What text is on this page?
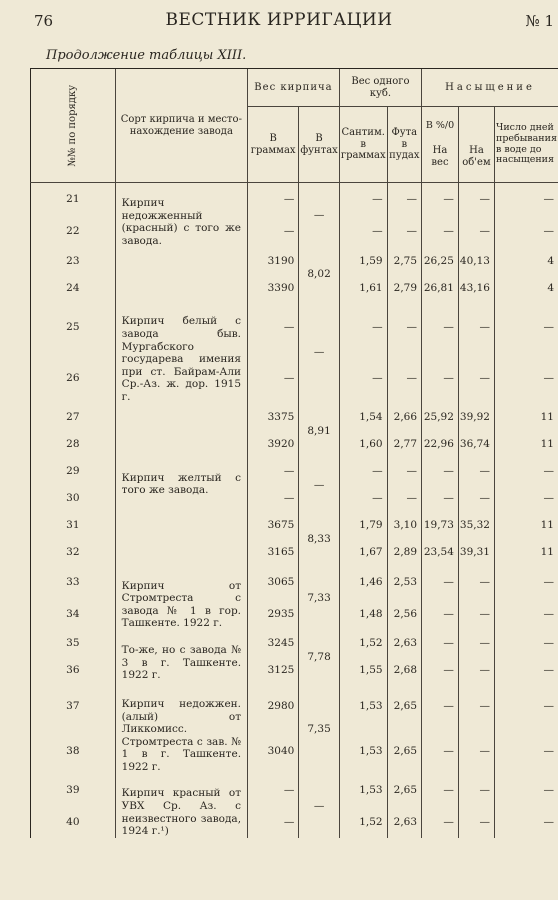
76	ВЕСТНИК ИРРИГАЦИИ	№ 1
Продолжение таблицы XIII.
№№ по порядку	Сорт кирпича и место-нахождение завода	Вес кирпича		Вес одного куб.		Насыщение		
		В граммах	В фунтах	Сантим. в граммах	Фута в пудах	В %/0
На вес	На об'ем	Число дней пребывания в воде до насыщения
21	Кирпич недожженный (красный) с того же завода.	—	—	—	—	—	—	—
22		—		—	—	—	—	—
23		3190	8,02	1,59	2,75	26,25	40,13	4
24		3390		1,61	2,79	26,81	43,16	4
25	Кирпич белый с завода быв. Мургабского государева имения при ст. Байрам-Али Ср.-Аз. ж. дор. 1915 г.	—	—	—	—	—	—	—
26		—		—	—	—	—	—
27		3375	8,91	1,54	2,66	25,92	39,92	11
28		3920		1,60	2,77	22,96	36,74	11
29	Кирпич желтый с того же завода.	—	—	—	—	—	—	—
30		—		—	—	—	—	—
31		3675	8,33	1,79	3,10	19,73	35,32	11
32		3165		1,67	2,89	23,54	39,31	11
33	Кирпич от Стромтреста с завода № 1 в гор. Ташкенте. 1922 г.	3065	7,33	1,46	2,53	—	—	—
34		2935		1,48	2,56	—	—	—
35	То-же, но с завода № 3 в г. Ташкенте. 1922 г.	3245	7,78	1,52	2,63	—	—	—
36		3125		1,55	2,68	—	—	—
37	Кирпич недожжен. (алый) от Ликкомисс. Стромтреста с зав. № 1 в г. Ташкенте. 1922 г.	2980	7,35	1,53	2,65	—	—	—
38		3040		1,53	2,65	—	—	—
39	Кирпич красный от УВХ Ср. Аз. с неизвестного завода, 1924 г.¹)	—	—	1,53	2,65	—	—	—
40		—		1,52	2,63	—	—	—
